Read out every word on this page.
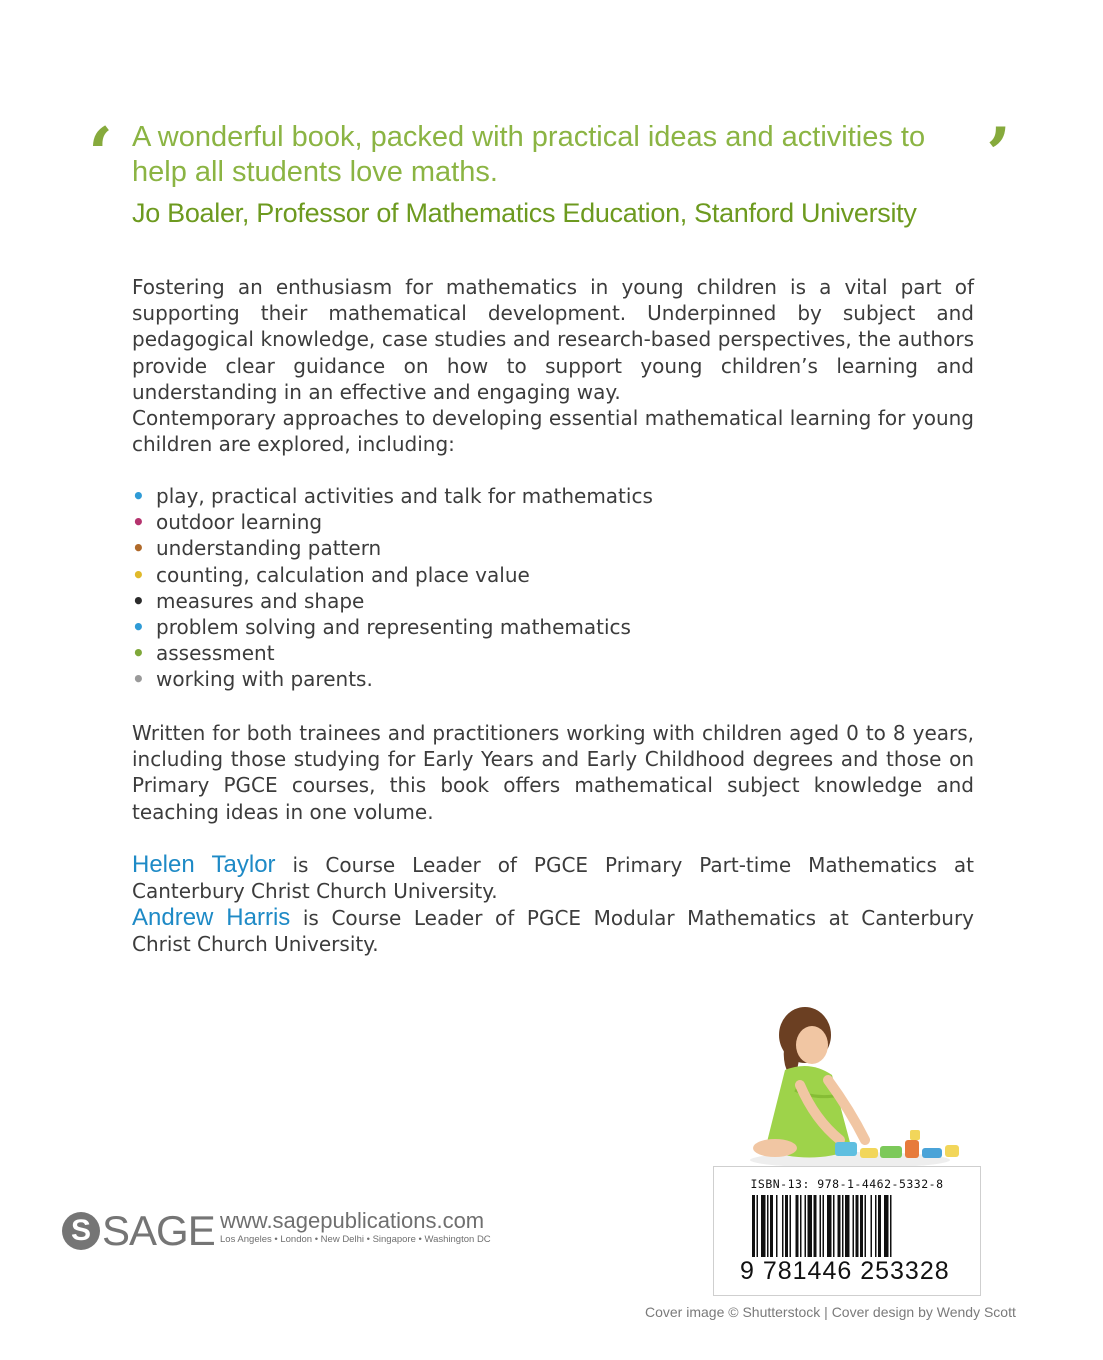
‘	’
A wonderful book, packed with practical ideas and activities to help all students love maths.
Jo Boaler, Professor of Mathematics Education, Stanford University
Fostering an enthusiasm for mathematics in young children is a vital part of supporting their mathematical development. Underpinned by subject and pedagogical knowledge, case studies and research-based perspectives, the authors provide clear guidance on how to support young children’s learning and understanding in an effective and engaging way.
Contemporary approaches to developing essential mathematical learning for young children are explored, including:
• play, practical activities and talk for mathematics
• outdoor learning
• understanding pattern
• counting, calculation and place value
• measures and shape
• problem solving and representing mathematics
• assessment
• working with parents.
Written for both trainees and practitioners working with children aged 0 to 8 years, including those studying for Early Years and Early Childhood degrees and those on Primary PGCE courses, this book offers mathematical subject knowledge and teaching ideas in one volume.
Helen Taylor is Course Leader of PGCE Primary Part-time Mathematics at Canterbury Christ Church University.
Andrew Harris is Course Leader of PGCE Modular Mathematics at Canterbury Christ Church University.
ISBN-13: 978-1-4462-5332-8
9 781446 253328
S SAGE www.sagepublications.com
Los Angeles • London • New Delhi • Singapore • Washington DC
Cover image © Shutterstock | Cover design by Wendy Scott
